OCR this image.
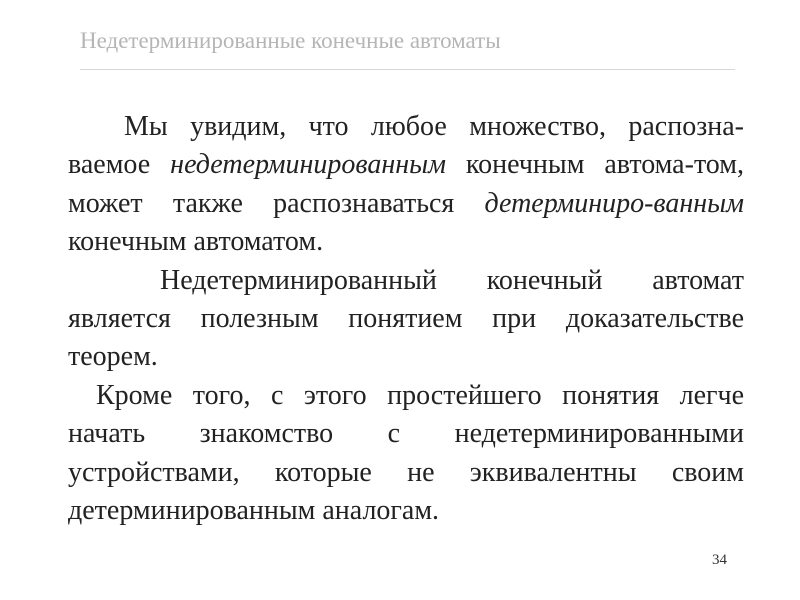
Недетерминированные конечные автоматы

Мы увидим, что любое множество, распозна-ваемое недетерминированным конечным автома-том, может также распознаваться детерминиро-ванным конечным автоматом.

Недетерминированный конечный автомат является полезным понятием при доказательстве теорем.

Кроме того, с этого простейшего понятия легче начать знакомство с недетерминированными устройствами, которые не эквивалентны своим детерминированным аналогам.

34
